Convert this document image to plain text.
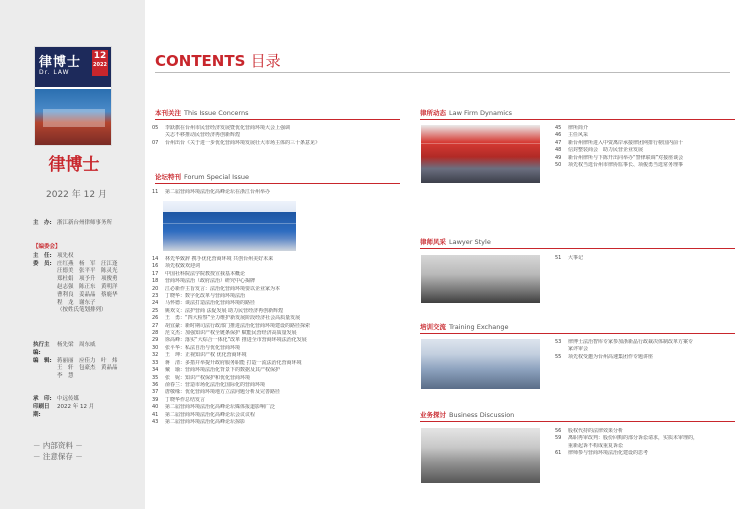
律博士
Dr. LAW
12
2022
律博士
2022 年 12 月
主　办: 浙江新台州律师事务所
【编委会】
主　任: 项先权
委　员: 庄红燕　杨　军　汪江逢
汪德美　张平平　陈灵光
郑杜娟　项予升　项俊勇
赵志强　陈正东　黄明洋
曹利良　姜晶晶　蔡鹿华
程　龙　谢东子
（按姓氏笔划排列）
执行主编:
杨先梁　周东威
编　辑: 蒋丽丽　应佳力　叶　炜
王　轩　包豪杰　黄晶晶
李　慧
承　印: 中远传媒
印刷日期:
2022 年 12 月
－ 内部资料 －
－ 注意保存 －
CONTENTS 目录
本刊关注 This Issue Concerns
05	李跃旗在台州市民营经济发展暨优化营商环境大会上强调
关志不移推动民营经济再创新辉煌
07	台州出台《关于进一步优化营商环境发展壮大市场主体的三十条意见》
论坛特刊 Forum Special Issue
11	第二届营商环境法治化高峰论坛在浙江台州举办
14	林先华致辞 携手优化营商环境 共创台州美好未来
16	项先权致欢迎词
17	中国社科院法学院教授宣我基本概论
18	营商环境法治（政府法治）研究中心揭牌
20	江必新作主旨发言：法治化营商环境要以企业家为本
23	丁晓华：数字化改革与营商环境法治
24	马怀德：谈法打造法治化营商环境的路径
25	姚欢文：法护营商 法促发展 助力民营经济再创新辉煌
26	王　勇：“四大检察”全力维护新发展阶段经济社会高质量发展
27	胡宜豪：新时期司法行政部门推进法治化营商环境建设的路径探索
28	范文杰：加强知识产权全链条保护 赋能民营经济高质量发展
29	徐高峰：落实“大综合一体化”改革 推进全市营商环境法治化发展
30	张平华：私法自治与优化营商环境
32	王　坤：正视知识产权 优化营商环境
33	蒋　清：多措并举提升政府服务职能 打造一流法治化营商环境
34	戴　瑜：营商环境法治化背景下的数据及其产权保护
35	张　妮：知识产权保护和优化营商环境
36	俞春兰：营造市场化法治化国际化的营商环境
37	唐敬缘：优化营商环境地方立法问题分析及完善路径
39	丁晓华作总结发言
40	第二届营商环境法治化高峰论坛媒体报道影响广泛
41	第二届营商环境法治化高峰论坛会议议程
43	第二届营商环境法治化高峰论坛掠影
律所动态 Law Firm Dynamics
45	律所简介
46	主任风采
47	新台州律所进入中资离岸承接律团网排行榜国内前十
48	信封整装商会　助力民营企业发展
49	新台州律所与下陈开出同举办“警律联调”对接座谈会
50	项先权当选台州市律协监事长、项俊勇当选常务理事
律师风采 Lawyer Style
51	大事记
培训交流 Training Exchange
53	律博士法治智库专家参加浙新晶行政裁决体制改革方案专
家评审会
55	项先权受邀为台州高速集团作专题讲座
业务探讨 Business Discussion
56	股权代持的法律效果分析
59	离职再审改判：股份回购的部分诉讼请求，实质未审理的，
重新起诉不构成重复诉讼
61	律师参与营商环境法治化建设的思考
